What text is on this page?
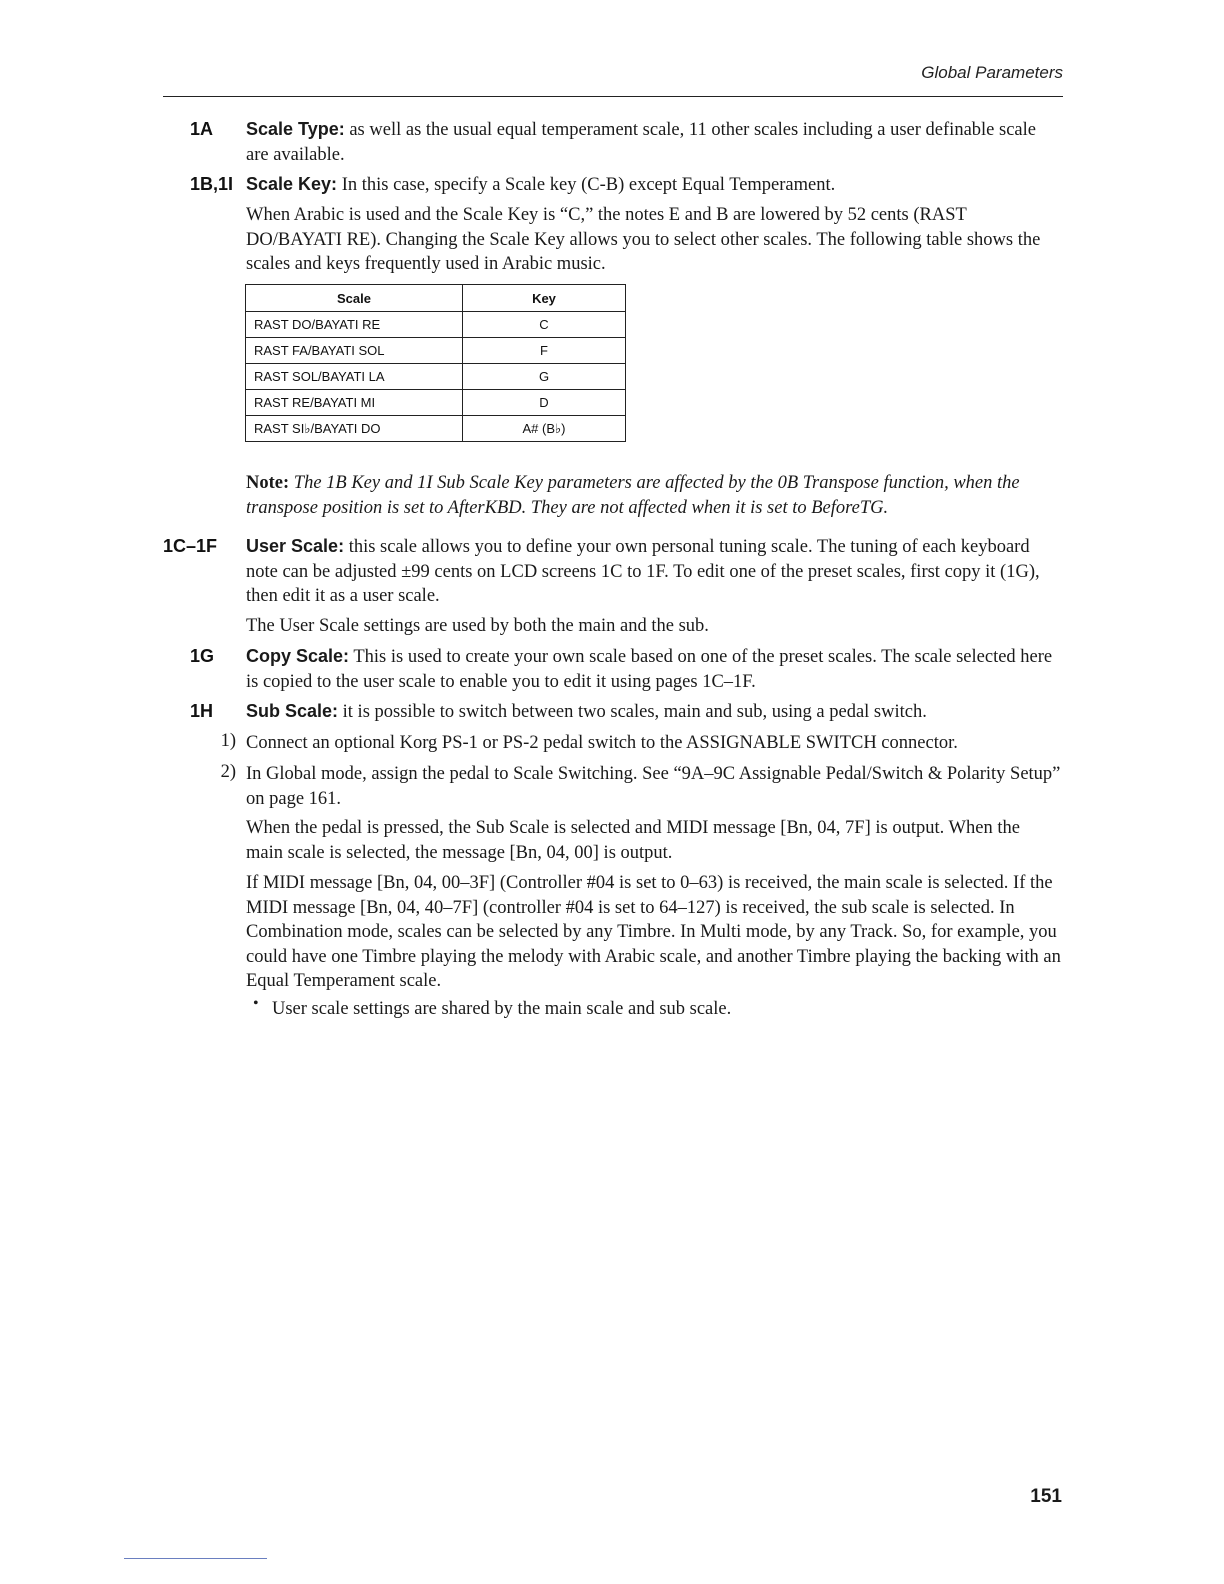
Global Parameters
1A Scale Type: as well as the usual equal temperament scale, 11 other scales including a user definable scale are available.

1B,1I Scale Key: In this case, specify a Scale key (C-B) except Equal Temperament.

When Arabic is used and the Scale Key is “C,” the notes E and B are lowered by 52 cents (RAST DO/BAYATI RE). Changing the Scale Key allows you to select other scales. The following table shows the scales and keys frequently used in Arabic music.

Scale	Key
RAST DO/BAYATI RE	C
RAST FA/BAYATI SOL	F
RAST SOL/BAYATI LA	G
RAST RE/BAYATI MI	D
RAST SI♭/BAYATI DO	A# (B♭)

Note: The 1B Key and 1I Sub Scale Key parameters are affected by the 0B Transpose function, when the transpose position is set to AfterKBD. They are not affected when it is set to BeforeTG.

1C–1F User Scale: this scale allows you to define your own personal tuning scale. The tuning of each keyboard note can be adjusted ±99 cents on LCD screens 1C to 1F. To edit one of the preset scales, first copy it (1G), then edit it as a user scale.

The User Scale settings are used by both the main and the sub.

1G Copy Scale: This is used to create your own scale based on one of the preset scales. The scale selected here is copied to the user scale to enable you to edit it using pages 1C–1F.

1H Sub Scale: it is possible to switch between two scales, main and sub, using a pedal switch.

1) Connect an optional Korg PS-1 or PS-2 pedal switch to the ASSIGNABLE SWITCH connector.

2) In Global mode, assign the pedal to Scale Switching. See “9A–9C Assignable Pedal/Switch & Polarity Setup” on page 161.

When the pedal is pressed, the Sub Scale is selected and MIDI message [Bn, 04, 7F] is output. When the main scale is selected, the message [Bn, 04, 00] is output.

If MIDI message [Bn, 04, 00–3F] (Controller #04 is set to 0–63) is received, the main scale is selected. If the MIDI message [Bn, 04, 40–7F] (controller #04 is set to 64–127) is received, the sub scale is selected. In Combination mode, scales can be selected by any Timbre. In Multi mode, by any Track. So, for example, you could have one Timbre playing the melody with Arabic scale, and another Timbre playing the backing with an Equal Temperament scale.

• User scale settings are shared by the main scale and sub scale.

151
